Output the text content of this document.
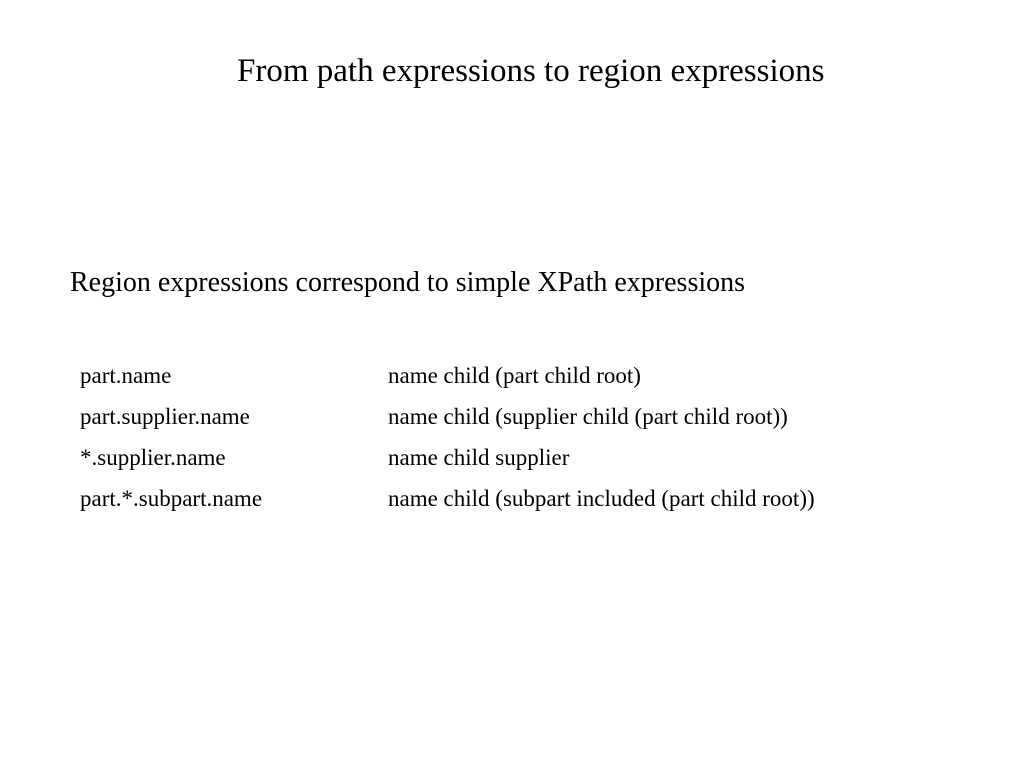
From path expressions to region expressions
Region expressions correspond to simple XPath expressions
part.name	name child (part child root)
part.supplier.name	name child (supplier child (part child root))
*.supplier.name	name child supplier
part.*.subpart.name	name child (subpart included (part child root))
